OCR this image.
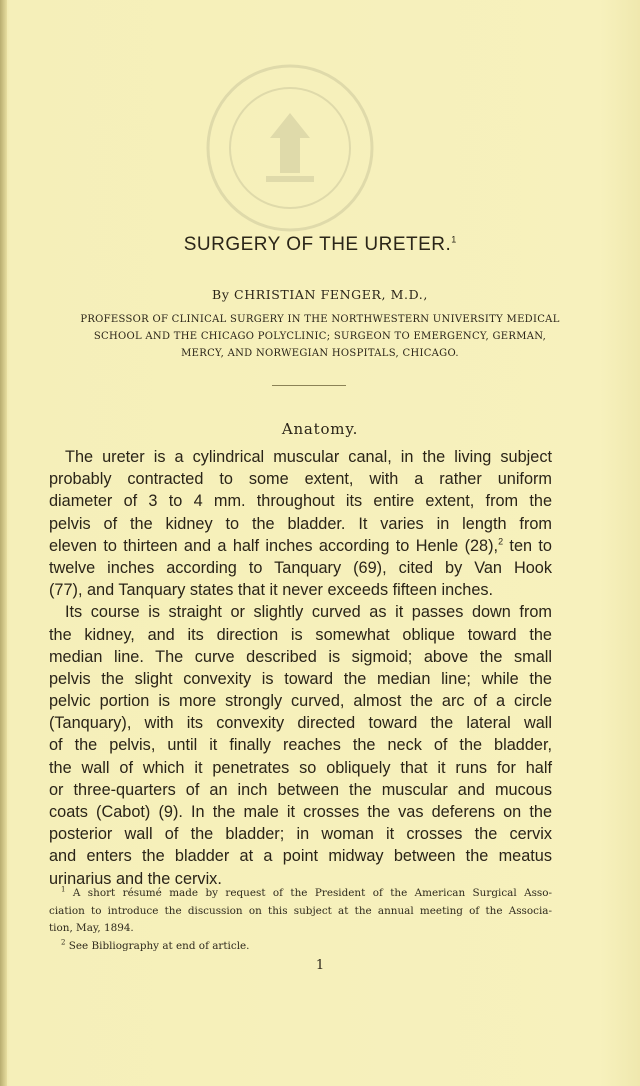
SURGERY OF THE URETER.$^1$
By CHRISTIAN FENGER, M.D.,
PROFESSOR OF CLINICAL SURGERY IN THE NORTHWESTERN UNIVERSITY MEDICAL
SCHOOL AND THE CHICAGO POLYCLINIC; SURGEON TO EMERGENCY, GERMAN,
MERCY, AND NORWEGIAN HOSPITALS, CHICAGO.
Anatomy.
The ureter is a cylindrical muscular canal, in the living subject
probably contracted to some extent, with a rather uniform
diameter of 3 to 4 mm. throughout its entire extent, from the
pelvis of the kidney to the bladder. It varies in length from
eleven to thirteen and a half inches according to Henle (28),$^2$ ten to
twelve inches according to Tanquary (69), cited by Van Hook
(77), and Tanquary states that it never exceeds fifteen inches.
Its course is straight or slightly curved as it passes down from
the kidney, and its direction is somewhat oblique toward the
median line. The curve described is sigmoid; above the small
pelvis the slight convexity is toward the median line; while the
pelvic portion is more strongly curved, almost the arc of a circle
(Tanquary), with its convexity directed toward the lateral wall
of the pelvis, until it finally reaches the neck of the bladder,
the wall of which it penetrates so obliquely that it runs for half
or three-quarters of an inch between the muscular and mucous
coats (Cabot) (9). In the male it crosses the vas deferens on the
posterior wall of the bladder; in woman it crosses the cervix
and enters the bladder at a point midway between the meatus
urinarius and the cervix.
$^1$ A short résumé made by request of the President of the American Surgical Asso-
ciation to introduce the discussion on this subject at the annual meeting of the Associa-
tion, May, 1894.
$^2$ See Bibliography at end of article.
1
